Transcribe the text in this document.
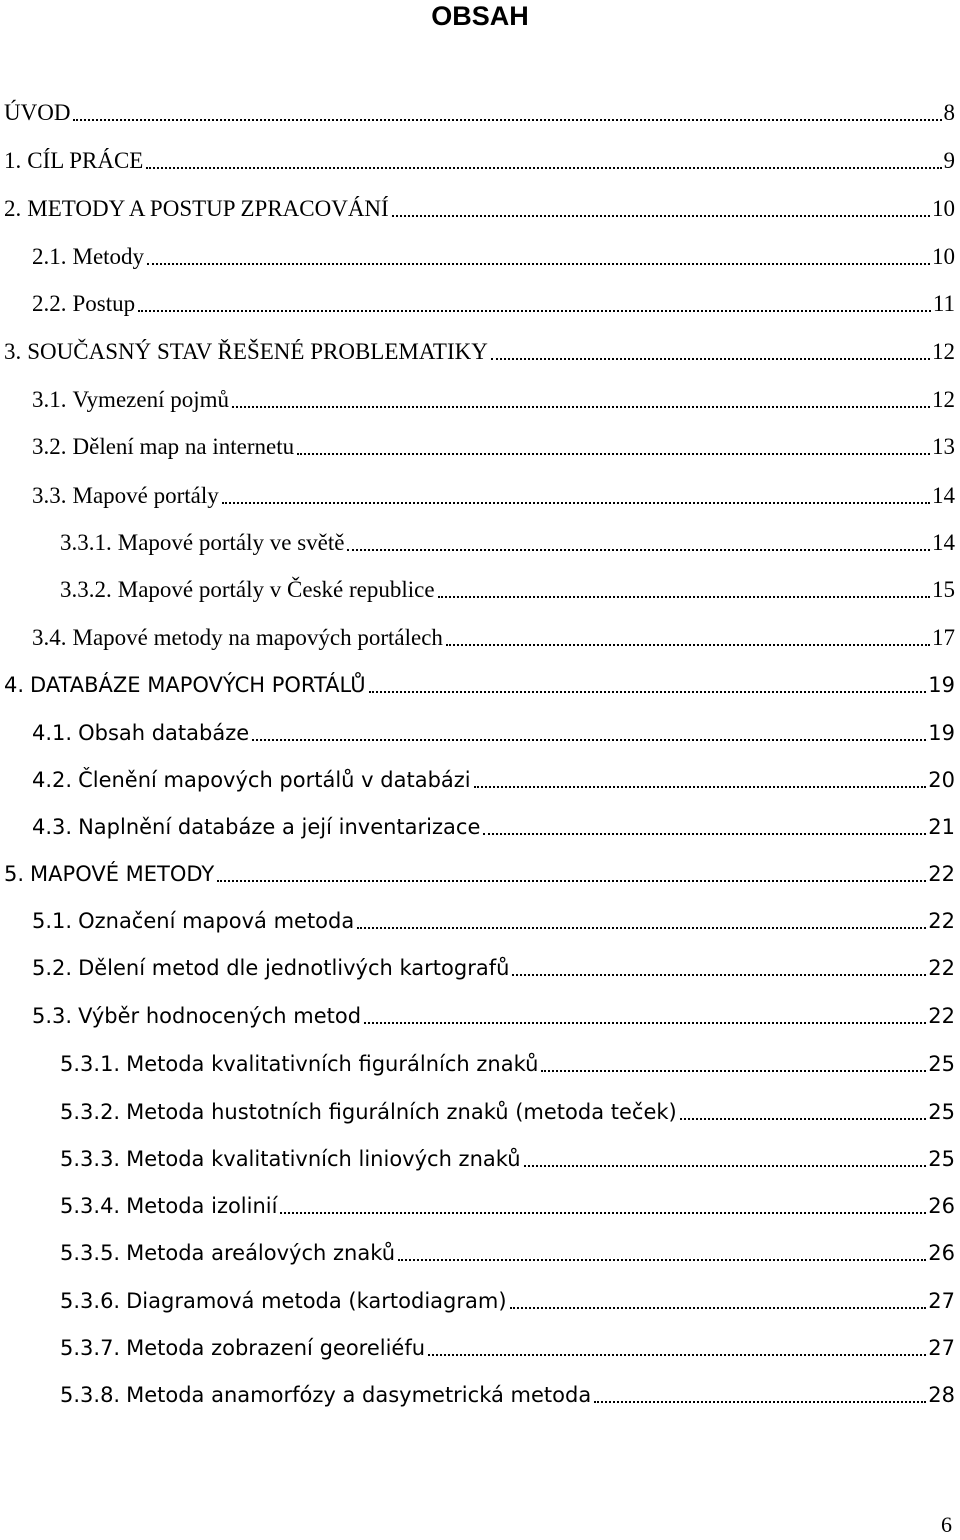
OBSAH
ÚVOD	8
1. CÍL PRÁCE	9
2. METODY A POSTUP ZPRACOVÁNÍ	10
2.1. Metody	10
2.2. Postup	11
3. SOUČASNÝ STAV ŘEŠENÉ PROBLEMATIKY	12
3.1. Vymezení pojmů	12
3.2. Dělení map na internetu	13
3.3. Mapové portály	14
3.3.1. Mapové portály ve světě	14
3.3.2. Mapové portály v České republice	15
3.4. Mapové metody na mapových portálech	17
4. DATABÁZE MAPOVÝCH PORTÁLŮ	19
4.1. Obsah databáze	19
4.2. Členění mapových portálů v databázi	20
4.3. Naplnění databáze a její inventarizace	21
5. MAPOVÉ METODY	22
5.1. Označení mapová metoda	22
5.2. Dělení metod dle jednotlivých kartografů	22
5.3. Výběr hodnocených metod	22
5.3.1. Metoda kvalitativních figurálních znaků	25
5.3.2. Metoda hustotních figurálních znaků (metoda teček)	25
5.3.3. Metoda kvalitativních liniových znaků	25
5.3.4. Metoda izolinií	26
5.3.5. Metoda areálových znaků	26
5.3.6. Diagramová metoda (kartodiagram)	27
5.3.7. Metoda zobrazení georeliéfu	27
5.3.8. Metoda anamorfózy a dasymetrická metoda	28
6
